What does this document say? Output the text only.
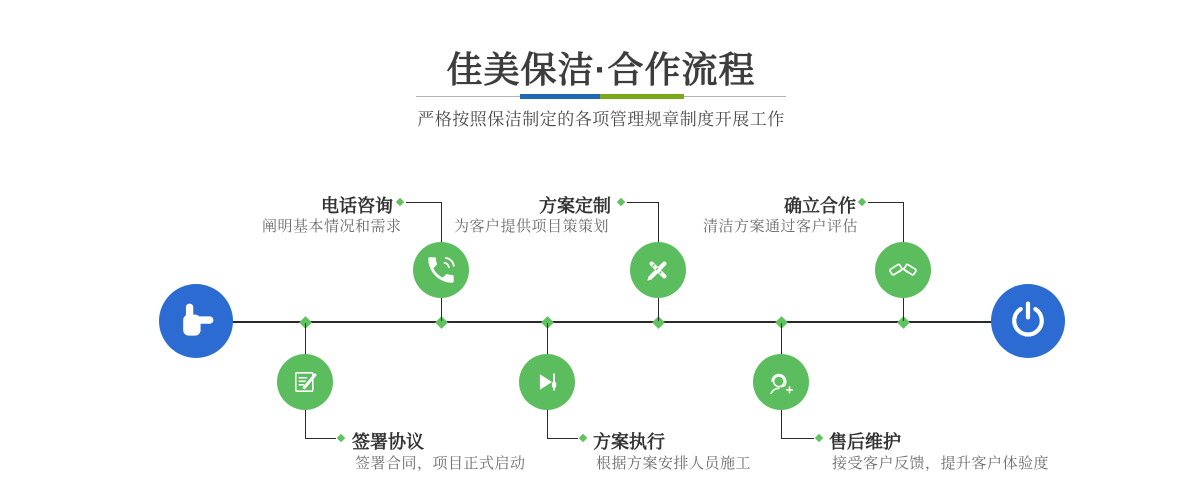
佳美保洁·合作流程

严格按照保洁制定的各项管理规章制度开展工作

电话咨询
阐明基本情况和需求
方案定制
为客户提供项目策策划
确立合作
清洁方案通过客户评估
签署协议
签署合同，项目正式启动
方案执行
根据方案安排人员施工
售后维护
接受客户反馈，提升客户体验度
